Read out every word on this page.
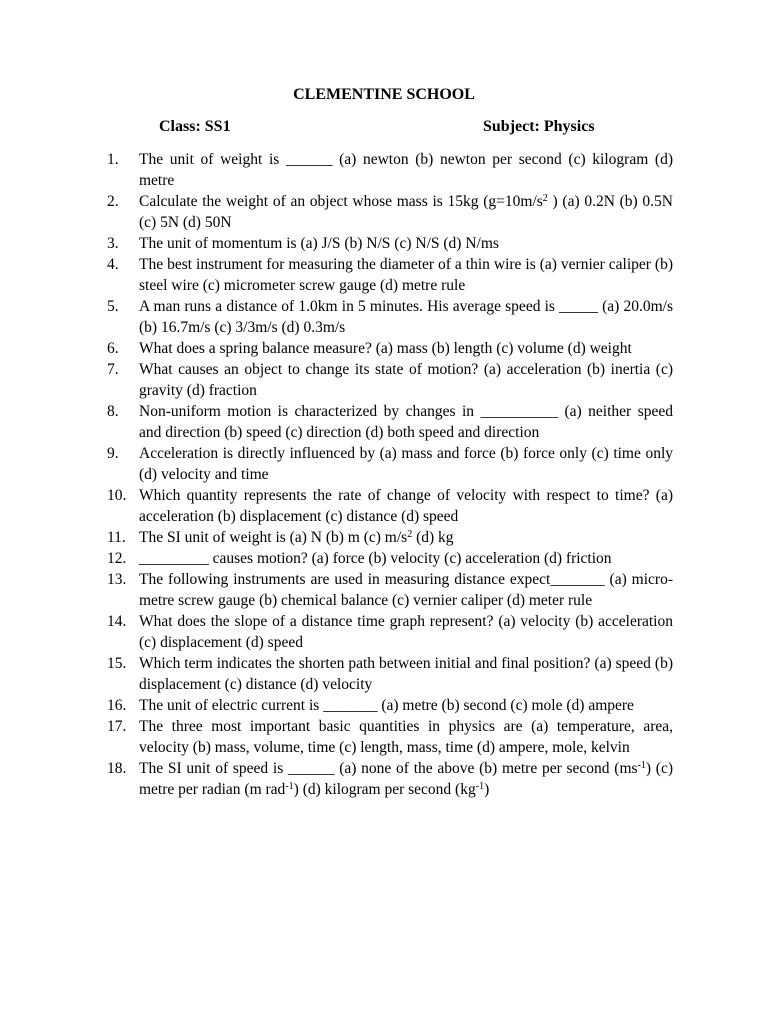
CLEMENTINE SCHOOL
Class: SS1	Subject: Physics
1. The unit of weight is ______ (a) newton (b) newton per second (c) kilogram (d) metre
2. Calculate the weight of an object whose mass is 15kg ($g=10m/s^2$ ) (a) 0.2N (b) 0.5N (c) 5N (d) 50N
3. The unit of momentum is (a) J/S (b) N/S (c) N/S (d) N/ms
4. The best instrument for measuring the diameter of a thin wire is (a) vernier caliper (b) steel wire (c) micrometer screw gauge (d) metre rule
5. A man runs a distance of 1.0km in 5 minutes. His average speed is _____ (a) 20.0m/s (b) 16.7m/s (c) 3/3m/s (d) 0.3m/s
6. What does a spring balance measure? (a) mass (b) length (c) volume (d) weight
7. What causes an object to change its state of motion? (a) acceleration (b) inertia (c) gravity (d) fraction
8. Non-uniform motion is characterized by changes in __________ (a) neither speed and direction (b) speed (c) direction (d) both speed and direction
9. Acceleration is directly influenced by (a) mass and force (b) force only (c) time only (d) velocity and time
10. Which quantity represents the rate of change of velocity with respect to time? (a) acceleration (b) displacement (c) distance (d) speed
11. The SI unit of weight is (a) N (b) m (c) $m/s^2$ (d) kg
12. _________ causes motion? (a) force (b) velocity (c) acceleration (d) friction
13. The following instruments are used in measuring distance expect_______ (a) micro-metre screw gauge (b) chemical balance (c) vernier caliper (d) meter rule
14. What does the slope of a distance time graph represent? (a) velocity (b) acceleration (c) displacement (d) speed
15. Which term indicates the shorten path between initial and final position? (a) speed (b) displacement (c) distance (d) velocity
16. The unit of electric current is _______ (a) metre (b) second (c) mole (d) ampere
17. The three most important basic quantities in physics are (a) temperature, area, velocity (b) mass, volume, time (c) length, mass, time (d) ampere, mole, kelvin
18. The SI unit of speed is ______ (a) none of the above (b) metre per second $(ms^{-1})$ (c) metre per radian (m rad$^{-1}$) (d) kilogram per second $(kg^{-1})$
